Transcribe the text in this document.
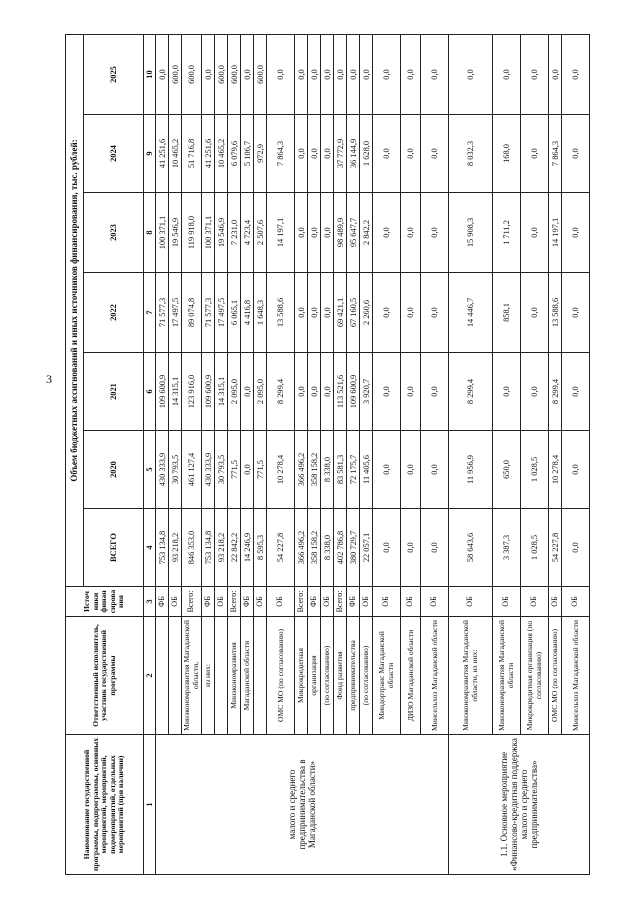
3
Наименование государственной программы, подпрограммы, основных мероприятий, мероприятий, подмероприятий, отдельных мероприятий (при наличии)	Ответственный исполнитель, участник государственной программы	Источники финансирования	Объем бюджетных ассигнований и иных источников финансирования, тыс. рублей:						
			ВСЕГО	2020	2021	2022	2023	2024	2025
1	2	3	4	5	6	7	8	9	10
малого и среднего предпринимательства в Магаданской области»		ФБ	753 134,8	430 333,9	109 600,9	71 577,3	100 371,1	41 251,6	0,0
		ОБ	93 218,2	30 793,5	14 315,1	17 497,5	19 546,9	10 465,2	600,0
	Минэкономразвития Магаданской области,	Всего:	846 353,0	461 127,4	123 916,0	89 074,8	119 918,0	51 716,8	600,0
	из них:	ФБ	753 134,8	430 333,9	109 600,9	71 577,3	100 371,1	41 251,6	0,0
		ОБ	93 218,2	30 793,5	14 315,1	17 497,5	19 546,9	10 465,2	600,0
	Минэкономразвития	Всего:	22 842,2	771,5	2 095,0	6 065,1	7 231,0	6 079,6	600,0
	Магаданской области	ФБ	14 246,9	0,0	0,0	4 416,8	4 723,4	5 106,7	0,0
		ОБ	8 595,3	771,5	2 095,0	1 648,3	2 507,6	972,9	600,0
	ОМС МО (по согласованию)	ОБ	54 227,8	10 278,4	8 299,4	13 588,6	14 197,1	7 864,3	0,0
	Микрокредитная	Всего:	366 496,2	366 496,2	0,0	0,0	0,0	0,0	0,0
	организация	ФБ	358 158,2	358 158,2	0,0	0,0	0,0	0,0	0,0
	(по согласованию)	ОБ	8 338,0	8 338,0	0,0	0,0	0,0	0,0	0,0
	Фонд развития	Всего:	402 786,8	83 581,3	113 521,6	69 421,1	98 489,9	37 772,9	0,0
	предпринимательства	ФБ	380 729,7	72 175,7	109 600,9	67 160,5	95 647,7	36 144,9	0,0
	(по согласованию)	ОБ	22 057,1	11 405,6	3 920,7	2 260,6	2 842,2	1 628,0	0,0
	Миндортранс Магаданской области	ОБ	0,0	0,0	0,0	0,0	0,0	0,0	0,0
	ДИЗО Магаданской области	ОБ	0,0	0,0	0,0	0,0	0,0	0,0	0,0
	Минсельхоз Магаданской области	ОБ	0,0	0,0	0,0	0,0	0,0	0,0	0,0
1.1. Основное мероприятие «Финансово-кредитная поддержка малого и среднего предпринимательства»	Минэкономразвития Магаданской области, из них:	ОБ	58 643,6	11 956,9	8 299,4	14 446,7	15 908,3	8 032,3	0,0
	Минэкономразвития Магаданской области	ОБ	3 387,3	650,0	0,0	858,1	1 711,2	168,0	0,0
	Микрокредитная организация (по согласованию)	ОБ	1 028,5	1 028,5	0,0	0,0	0,0	0,0	0,0
	ОМС МО (по согласованию)	ОБ	54 227,8	10 278,4	8 299,4	13 588,6	14 197,1	7 864,3	0,0
	Минсельхоз Магаданской области	ОБ	0,0	0,0	0,0	0,0	0,0	0,0	0,0
